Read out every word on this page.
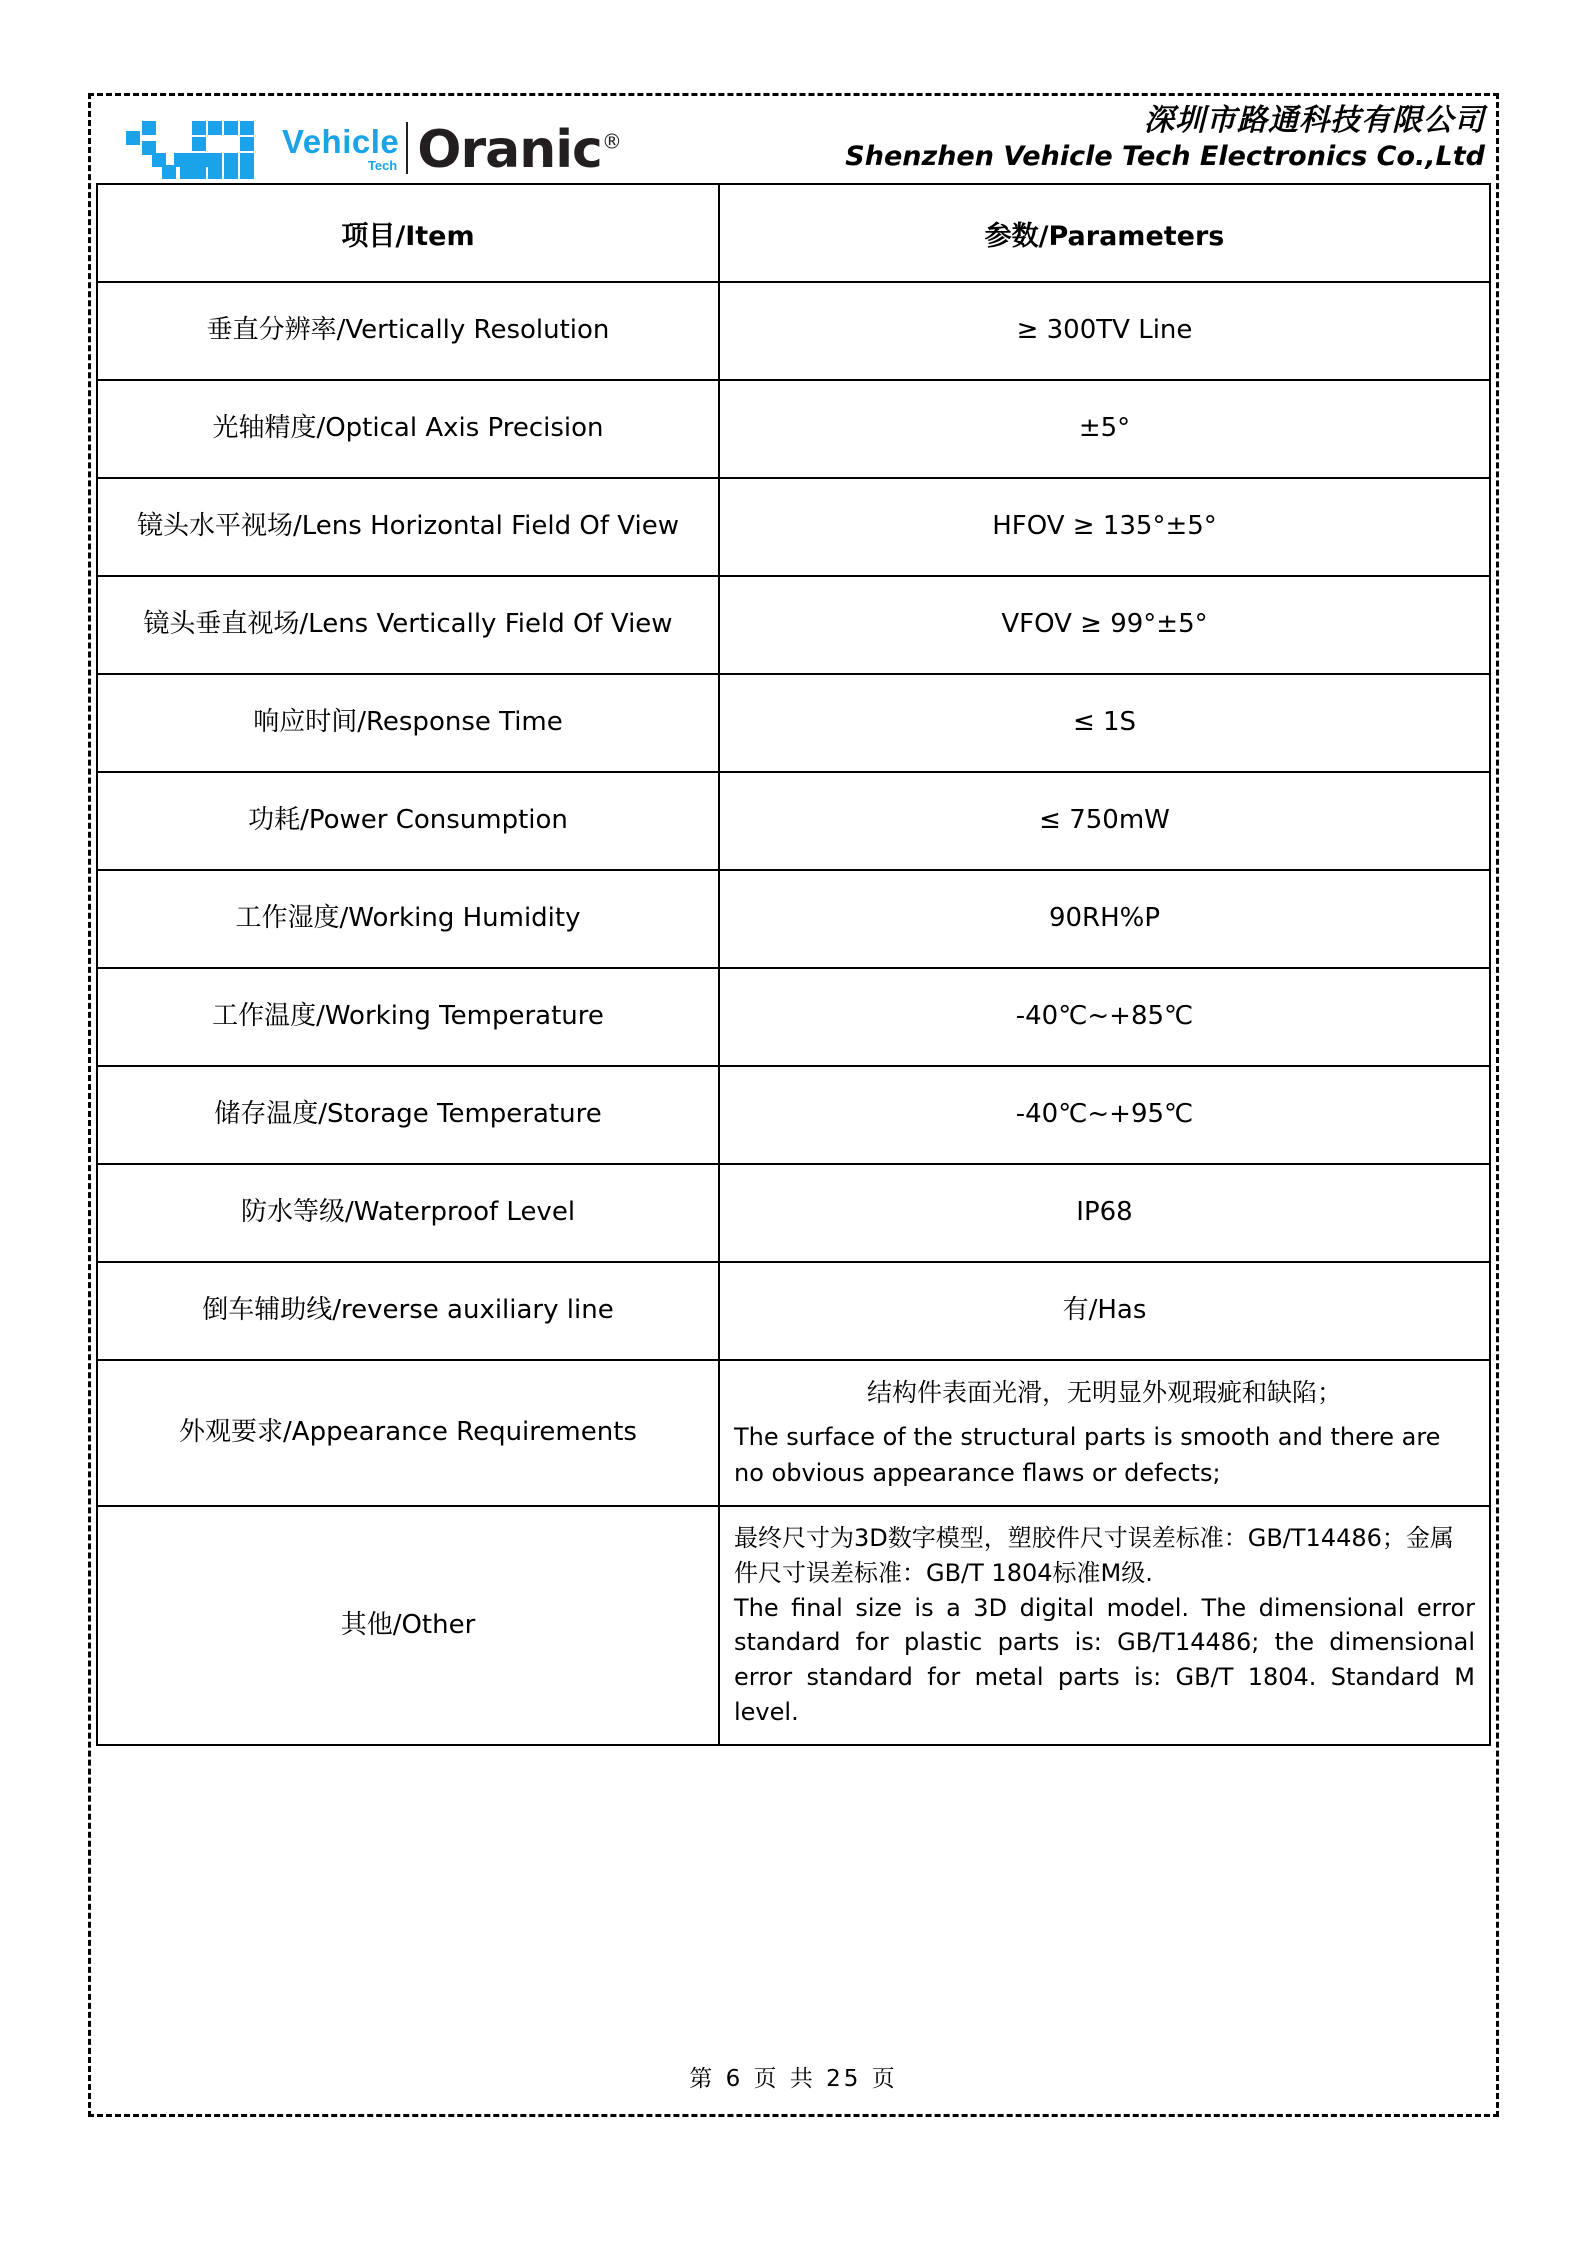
Vehicle
Tech Oranic®
深圳市路通科技有限公司
Shenzhen Vehicle Tech Electronics Co.,Ltd
项目/Item	参数/Parameters

垂直分辨率/Vertically Resolution	≥ 300TV Line

光轴精度/Optical Axis Precision	±5°

镜头水平视场/Lens Horizontal Field Of View	HFOV ≥ 135°±5°

镜头垂直视场/Lens Vertically Field Of View	VFOV ≥ 99°±5°

响应时间/Response Time	≤ 1S

功耗/Power Consumption	≤ 750mW

工作湿度/Working Humidity	90RH%P

工作温度/Working Temperature	-40℃~+85℃

储存温度/Storage Temperature	-40℃~+95℃

防水等级/Waterproof Level	IP68

倒车辅助线/reverse auxiliary line	有/Has

外观要求/Appearance Requirements	结构件表面光滑，无明显外观瑕疵和缺陷；
The surface of the structural parts is smooth and there are no obvious appearance flaws or defects;

其他/Other	最终尺寸为3D数字模型，塑胶件尺寸误差标准：GB/T14486；金属件尺寸误差标准：GB/T 1804标准M级.
The final size is a 3D digital model. The dimensional error standard for plastic parts is: GB/T14486; the dimensional error standard for metal parts is: GB/T 1804. Standard M level.
第 6 页 共 25 页
